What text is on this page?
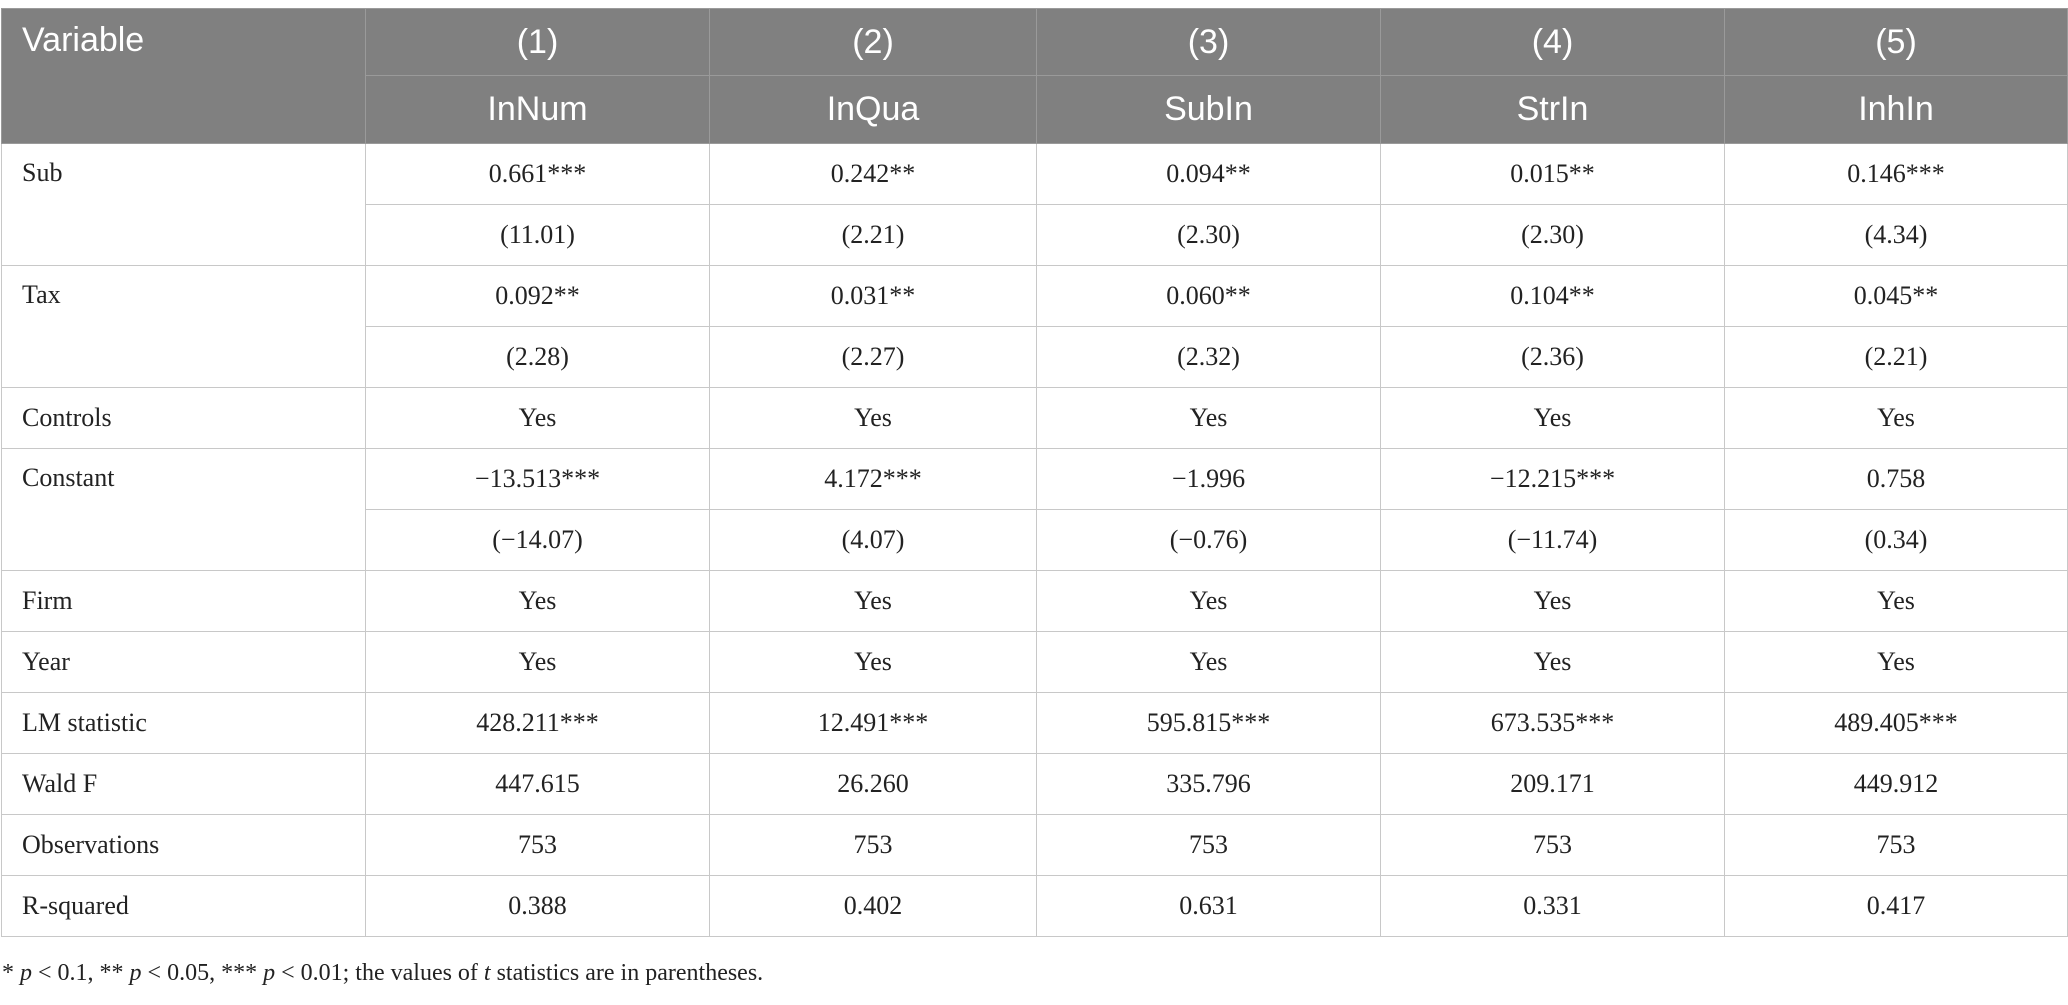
Variable	(1)	(2)	(3)	(4)	(5)
	InNum	InQua	SubIn	StrIn	InhIn
Sub	0.661***	0.242**	0.094**	0.015**	0.146***
	(11.01)	(2.21)	(2.30)	(2.30)	(4.34)
Tax	0.092**	0.031**	0.060**	0.104**	0.045**
	(2.28)	(2.27)	(2.32)	(2.36)	(2.21)
Controls	Yes	Yes	Yes	Yes	Yes
Constant	−13.513***	4.172***	−1.996	−12.215***	0.758
	(−14.07)	(4.07)	(−0.76)	(−11.74)	(0.34)
Firm	Yes	Yes	Yes	Yes	Yes
Year	Yes	Yes	Yes	Yes	Yes
LM statistic	428.211***	12.491***	595.815***	673.535***	489.405***
Wald F	447.615	26.260	335.796	209.171	449.912
Observations	753	753	753	753	753
R-squared	0.388	0.402	0.631	0.331	0.417
* p < 0.1, ** p < 0.05, *** p < 0.01; the values of t statistics are in parentheses.
